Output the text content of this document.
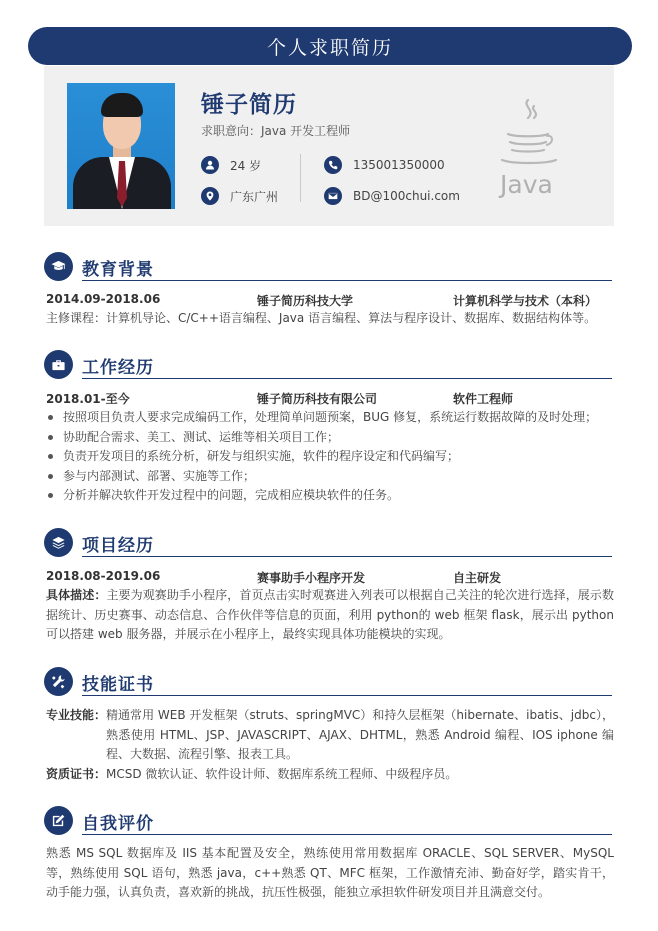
个人求职简历
锤子简历
求职意向：Java 开发工程师
24 岁
广东广州
135001350000
BD@100chui.com Java
教育背景
2014.09-2018.06	锤子简历科技大学	计算机科学与技术（本科）
主修课程：计算机导论、C/C++语言编程、Java 语言编程、算法与程序设计、数据库、数据结构体等。
工作经历
2018.01-至今	锤子简历科技有限公司	软件工程师
按照项目负责人要求完成编码工作，处理简单问题预案，BUG 修复，系统运行数据故障的及时处理；
协助配合需求、美工、测试、运维等相关项目工作；
负责开发项目的系统分析，研发与组织实施，软件的程序设定和代码编写；
参与内部测试、部署、实施等工作；
分析并解决软件开发过程中的问题，完成相应模块软件的任务。
项目经历
2018.08-2019.06	赛事助手小程序开发	自主研发
具体描述：主要为观赛助手小程序，首页点击实时观赛进入列表可以根据自己关注的轮次进行选择，展示数据统计、历史赛事、动态信息、合作伙伴等信息的页面，利用 python的 web 框架 flask，展示出 python 可以搭建 web 服务器，并展示在小程序上，最终实现具体功能模块的实现。
技能证书
专业技能： 精通常用 WEB 开发框架（struts、springMVC）和持久层框架（hibernate、ibatis、jdbc），熟悉使用 HTML、JSP、JAVASCRIPT、AJAX、DHTML，熟悉 Android 编程、IOS iphone 编程、大数据、流程引擎、报表工具。
资质证书： MCSD 微软认证、软件设计师、数据库系统工程师、中级程序员。
自我评价
熟悉 MS SQL 数据库及 IIS 基本配置及安全，熟练使用常用数据库 ORACLE、SQL SERVER、MySQL 等，熟练使用 SQL 语句，熟悉 java，c++熟悉 QT、MFC 框架，工作激情充沛、勤奋好学，踏实肯干，动手能力强，认真负责，喜欢新的挑战，抗压性极强，能独立承担软件研发项目并且满意交付。
